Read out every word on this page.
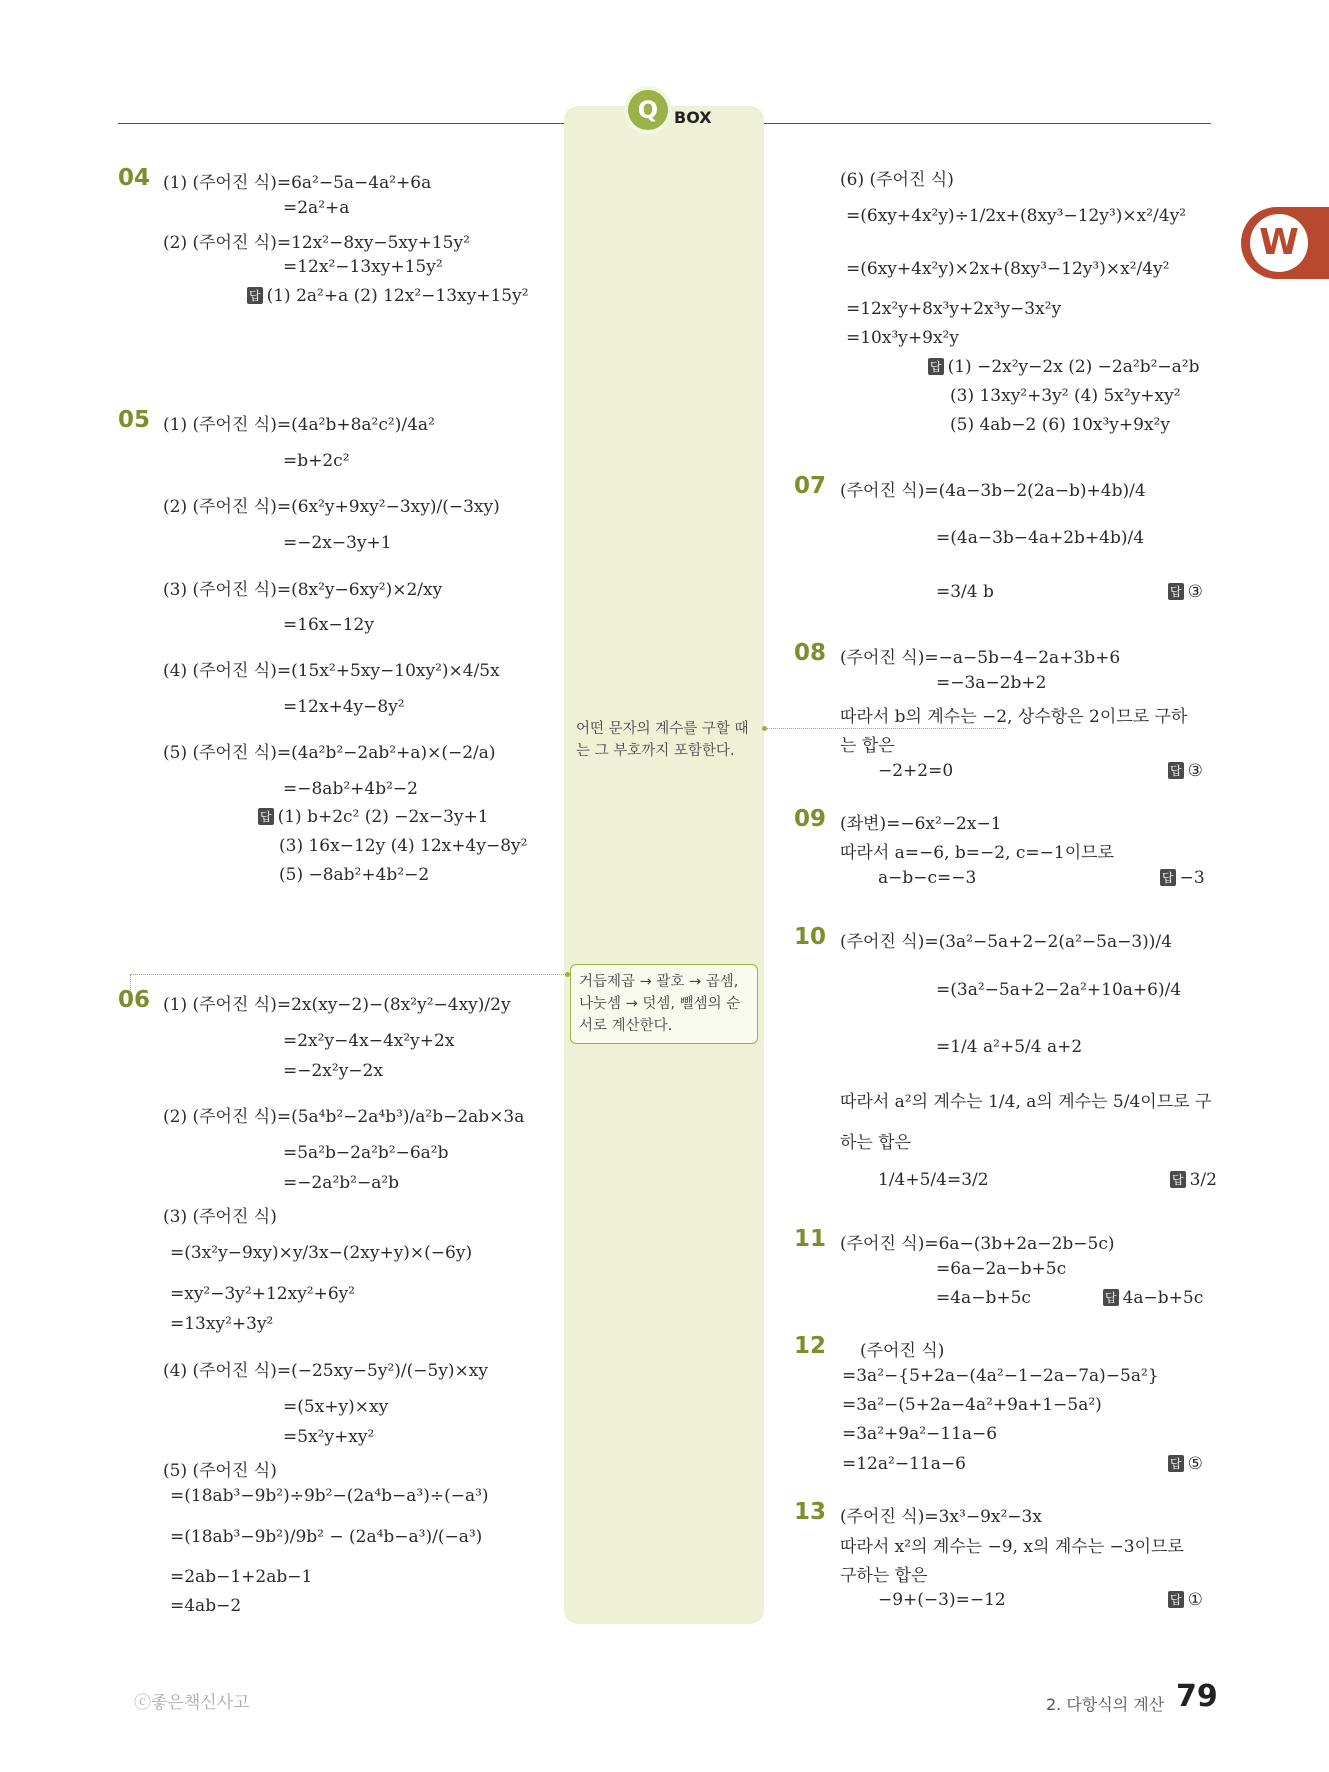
Q BOX
W
어떤 문자의 계수를 구할 때
는 그 부호까지 포함한다.
거듭제곱 → 괄호 → 곱셈,
나눗셈 → 덧셈, 뺄셈의 순
서로 계산한다.
04 (1) (주어진 식)=6a²−5a−4a²+6a
=2a²+a
(2) (주어진 식)=12x²−8xy−5xy+15y²
=12x²−13xy+15y²
답 (1) 2a²+a (2) 12x²−13xy+15y²
05 (1) (주어진 식)=(4a²b+8a²c²)/4a²
=b+2c²
(2) (주어진 식)=(6x²y+9xy²−3xy)/(−3xy)
=−2x−3y+1
(3) (주어진 식)=(8x²y−6xy²)×2/xy
=16x−12y
(4) (주어진 식)=(15x²+5xy−10xy²)×4/5x
=12x+4y−8y²
(5) (주어진 식)=(4a²b²−2ab²+a)×(−2/a)
=−8ab²+4b²−2
답 (1) b+2c² (2) −2x−3y+1
(3) 16x−12y (4) 12x+4y−8y²
(5) −8ab²+4b²−2
06 (1) (주어진 식)=2x(xy−2)−(8x²y²−4xy)/2y
=2x²y−4x−4x²y+2x
=−2x²y−2x
(2) (주어진 식)=(5a⁴b²−2a⁴b³)/a²b−2ab×3a
=5a²b−2a²b²−6a²b
=−2a²b²−a²b
(3) (주어진 식)
=(3x²y−9xy)×y/3x−(2xy+y)×(−6y)
=xy²−3y²+12xy²+6y²
=13xy²+3y²
(4) (주어진 식)=(−25xy−5y²)/(−5y)×xy
=(5x+y)×xy
=5x²y+xy²
(5) (주어진 식)
=(18ab³−9b²)÷9b²−(2a⁴b−a³)÷(−a³)
=(18ab³−9b²)/9b² − (2a⁴b−a³)/(−a³)
=2ab−1+2ab−1
=4ab−2
(6) (주어진 식)
=(6xy+4x²y)÷1/2x+(8xy³−12y³)×x²/4y²
=(6xy+4x²y)×2x+(8xy³−12y³)×x²/4y²
=12x²y+8x³y+2x³y−3x²y
=10x³y+9x²y
답 (1) −2x²y−2x (2) −2a²b²−a²b
(3) 13xy²+3y² (4) 5x²y+xy²
(5) 4ab−2 (6) 10x³y+9x²y
07 (주어진 식)=(4a−3b−2(2a−b)+4b)/4
=(4a−3b−4a+2b+4b)/4
=3/4 b	답 ③
08 (주어진 식)=−a−5b−4−2a+3b+6
=−3a−2b+2
따라서 b의 계수는 −2, 상수항은 2이므로 구하
는 합은
−2+2=0	답 ③
09 (좌변)=−6x²−2x−1
따라서 a=−6, b=−2, c=−1이므로
a−b−c=−3	답 −3
10 (주어진 식)=(3a²−5a+2−2(a²−5a−3))/4
=(3a²−5a+2−2a²+10a+6)/4
=1/4 a²+5/4 a+2
따라서 a²의 계수는 1/4, a의 계수는 5/4이므로 구
하는 합은
1/4+5/4=3/2	답 3/2
11 (주어진 식)=6a−(3b+2a−2b−5c)
=6a−2a−b+5c
=4a−b+5c	답 4a−b+5c
12 (주어진 식)
=3a²−{5+2a−(4a²−1−2a−7a)−5a²}
=3a²−(5+2a−4a²+9a+1−5a²)
=3a²+9a²−11a−6
=12a²−11a−6	답 ⑤
13 (주어진 식)=3x³−9x²−3x
따라서 x²의 계수는 −9, x의 계수는 −3이므로
구하는 합은
−9+(−3)=−12	답 ①
ⓒ좋은책신사고	2. 다항식의 계산 79
